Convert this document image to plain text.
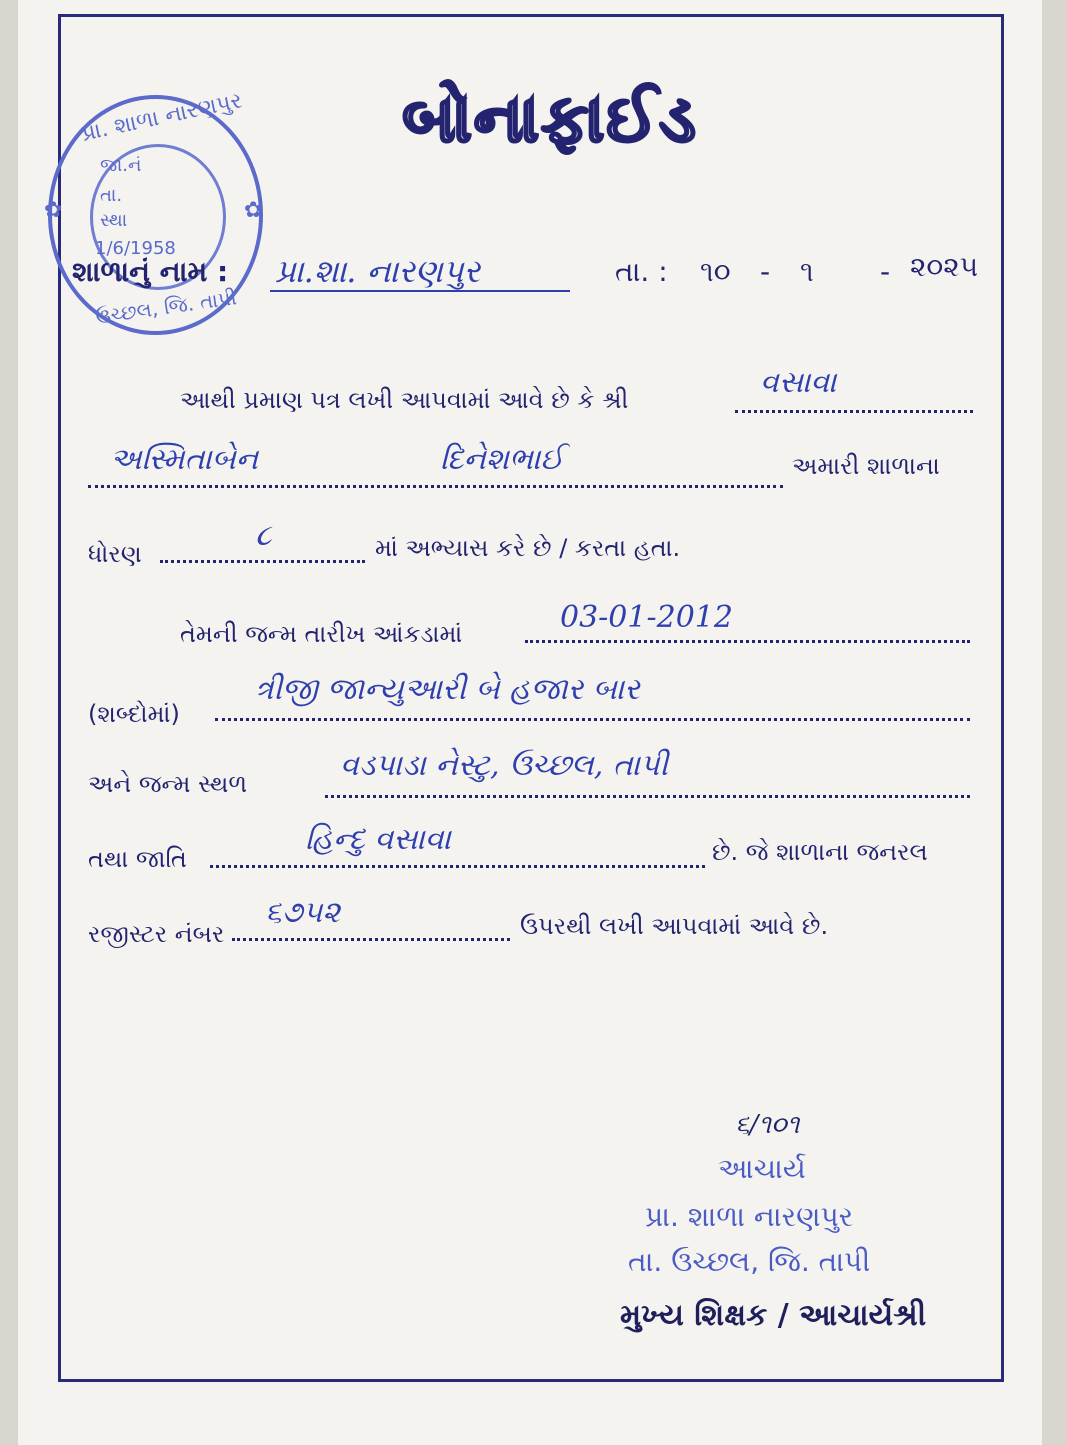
બોનાફાઈડ
પ્રા. શાળા નારણપુર
જા.નં
તા.
સ્થા
1/6/1958
ઉચ્છલ, જિ. તાપી
✿	✿
શાળાનું નામ : પ્રા.શા. નારણપુર	તા. : ૧૦ - ૧ - ૨૦૨૫
આથી પ્રમાણ પત્ર લખી આપવામાં આવે છે કે શ્રી	વસાવા
અસ્મિતાબેન	દિનેશભાઈ	અમારી શાળાના
ધોરણ
૮	માં અભ્યાસ કરે છે / કરતા હતા.
તેમની જન્મ તારીખ આંકડામાં	03-01-2012
(શબ્દોમાં)
ત્રીજી જાન્યુઆરી બે હજાર બાર
અને જન્મ સ્થળ
વડપાડા નેસ્ટુ, ઉચ્છલ, તાપી
તથા જાતિ
હિન્દુ વસાવા	છે. જે શાળાના જનરલ
રજીસ્ટર નંબર
૬૭૫૨	ઉપરથી લખી આપવામાં આવે છે.
૬/૧૦૧
આચાર્ય
પ્રા. શાળા નારણપુર
તા. ઉચ્છલ, જિ. તાપી
મુખ્ય શિક્ષક / આચાર્યશ્રી
